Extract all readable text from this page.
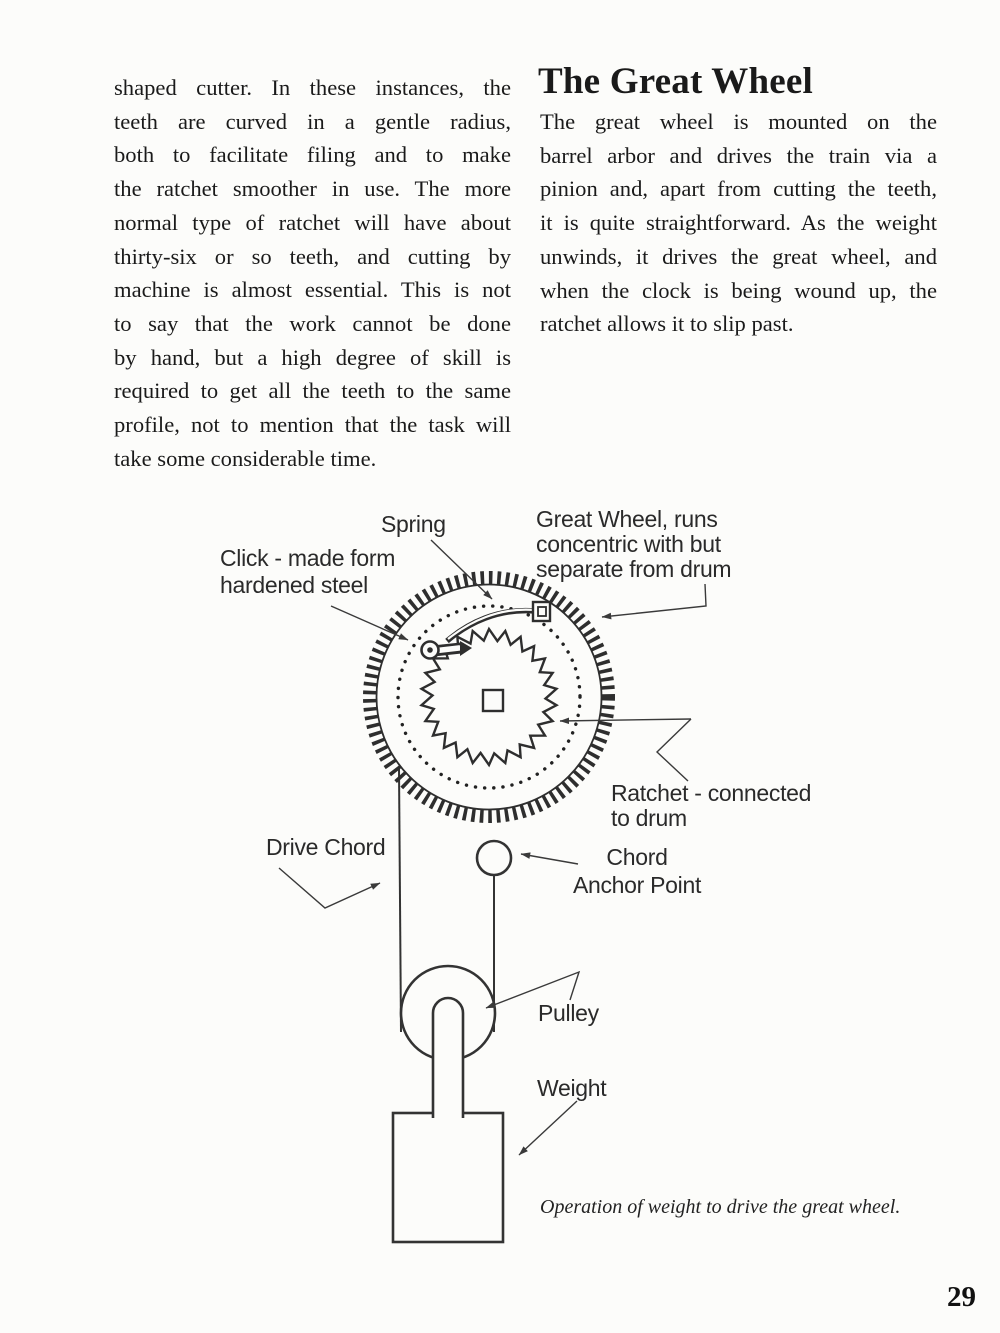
shaped cutter. In these instances, the
teeth are curved in a gentle radius,
both to facilitate filing and to make
the ratchet smoother in use. The more
normal type of ratchet will have about
thirty-six or so teeth, and cutting by
machine is almost essential. This is not
to say that the work cannot be done
by hand, but a high degree of skill is
required to get all the teeth to the same
profile, not to mention that the task will
take some considerable time.
The Great Wheel
The great wheel is mounted on the
barrel arbor and drives the train via a
pinion and, apart from cutting the teeth,
it is quite straightforward. As the weight
unwinds, it drives the great wheel, and
when the clock is being wound up, the
ratchet allows it to slip past.
Spring
Click - made form
hardened steel
Great Wheel, runs
concentric with but
separate from drum
Ratchet - connected
to drum
Drive Chord	Chord
Anchor Point
Pulley
Weight
Operation of weight to drive the great wheel.
29
